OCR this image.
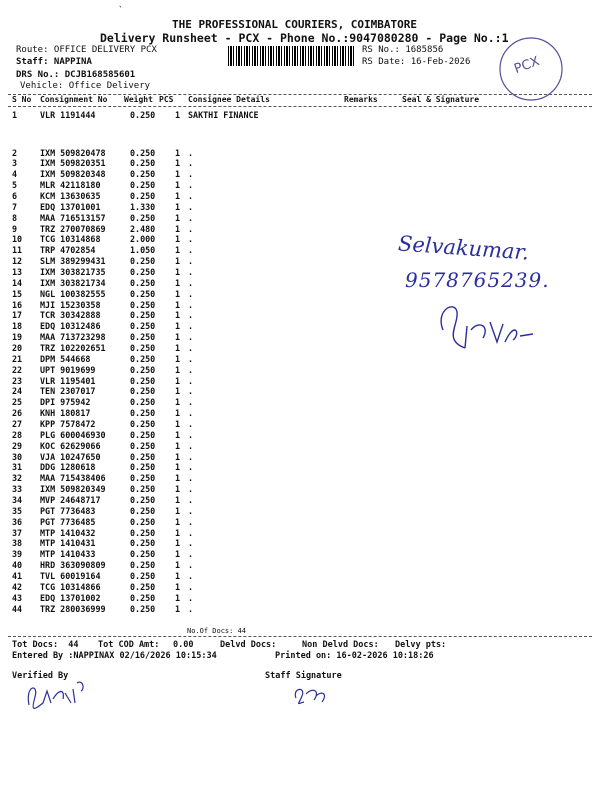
`
THE PROFESSIONAL COURIERS, COIMBATORE
Delivery Runsheet - PCX - Phone No.:9047080280 - Page No.:1
Route: OFFICE DELIVERY PCX
Staff: NAPPINA
DRS No.: DCJB168585601
Vehicle: Office Delivery
RS No.: 1685856
RS Date: 16-Feb-2026	PCX
S No Consignment No Weight PCS Consignee Details	Remarks	Seal & Signature
1	VLR 1191444	0.250 1 SAKTHI FINANCE
2	IXM 509820478	0.250 1 .
3	IXM 509820351	0.250 1 .
4	IXM 509820348	0.250 1 .
5	MLR 42118180	0.250 1 .
6	KCM 13630635	0.250 1 .
7	EDQ 13701001	1.330 1 .
8	MAA 716513157	0.250 1 .
9	TRZ 270070869	2.480 1 .
10 TCG 10314868	2.000 1 .
11 TRP 4702854	1.050 1 .
12 SLM 389299431	0.250 1 .
13 IXM 303821735	0.250 1 .
14 IXM 303821734	0.250 1 .
15 NGL 100382555	0.250 1 .
16 MJI 15230358	0.250 1 .
17 TCR 30342888	0.250 1 .
18 EDQ 10312486	0.250 1 .
19 MAA 713723298	0.250 1 .
20 TRZ 102202651	0.250 1 .
21 DPM 544668	0.250 1 .
22 UPT 9019699	0.250 1 .
23 VLR 1195401	0.250 1 .
24 TEN 2307017	0.250 1 .
25 DPI 975942	0.250 1 .
26 KNH 180817	0.250 1 .
27 KPP 7578472	0.250 1 .
28 PLG 600046930	0.250 1 .
29 KOC 62629066	0.250 1 .
30 VJA 10247650	0.250 1 .
31 DDG 1280618	0.250 1 .
32 MAA 715438406	0.250 1 .
33 IXM 509820349	0.250 1 .
34 MVP 24648717	0.250 1 .
35 PGT 7736483	0.250 1 .
36 PGT 7736485	0.250 1 .
37 MTP 1410432	0.250 1 .
38 MTP 1410431	0.250 1 .
39 MTP 1410433	0.250 1 .
40 HRD 363090809	0.250 1 .
41 TVL 60019164	0.250 1 .
42 TCG 10314866	0.250 1 .
43 EDQ 13701002	0.250 1 .
44 TRZ 280036999	0.250 1 .
No.Of Docs: 44
Selvakumar.
9578765239.
Tot Docs:  44 Tot COD Amt: 0.00	Delvd Docs:	Non Delvd Docs: Delvy pts:
Entered By :NAPPINAX 02/16/2026 10:15:34	Printed on: 16-02-2026 10:18:26
Verified By	Staff Signature
